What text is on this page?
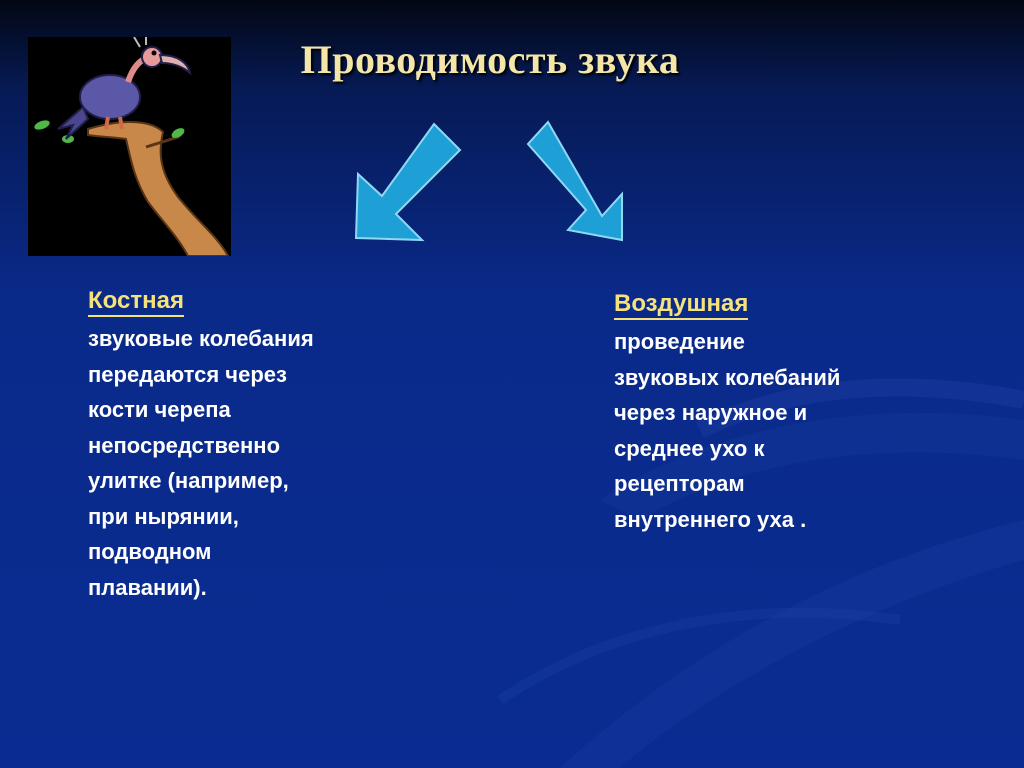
Проводимость звука
Костная
звуковые колебания
передаются через
кости черепа
непосредственно
улитке (например,
при нырянии,
подводном
плавании).
Воздушная
проведение
звуковых колебаний
через наружное и
среднее ухо к
рецепторам
внутреннего уха .
